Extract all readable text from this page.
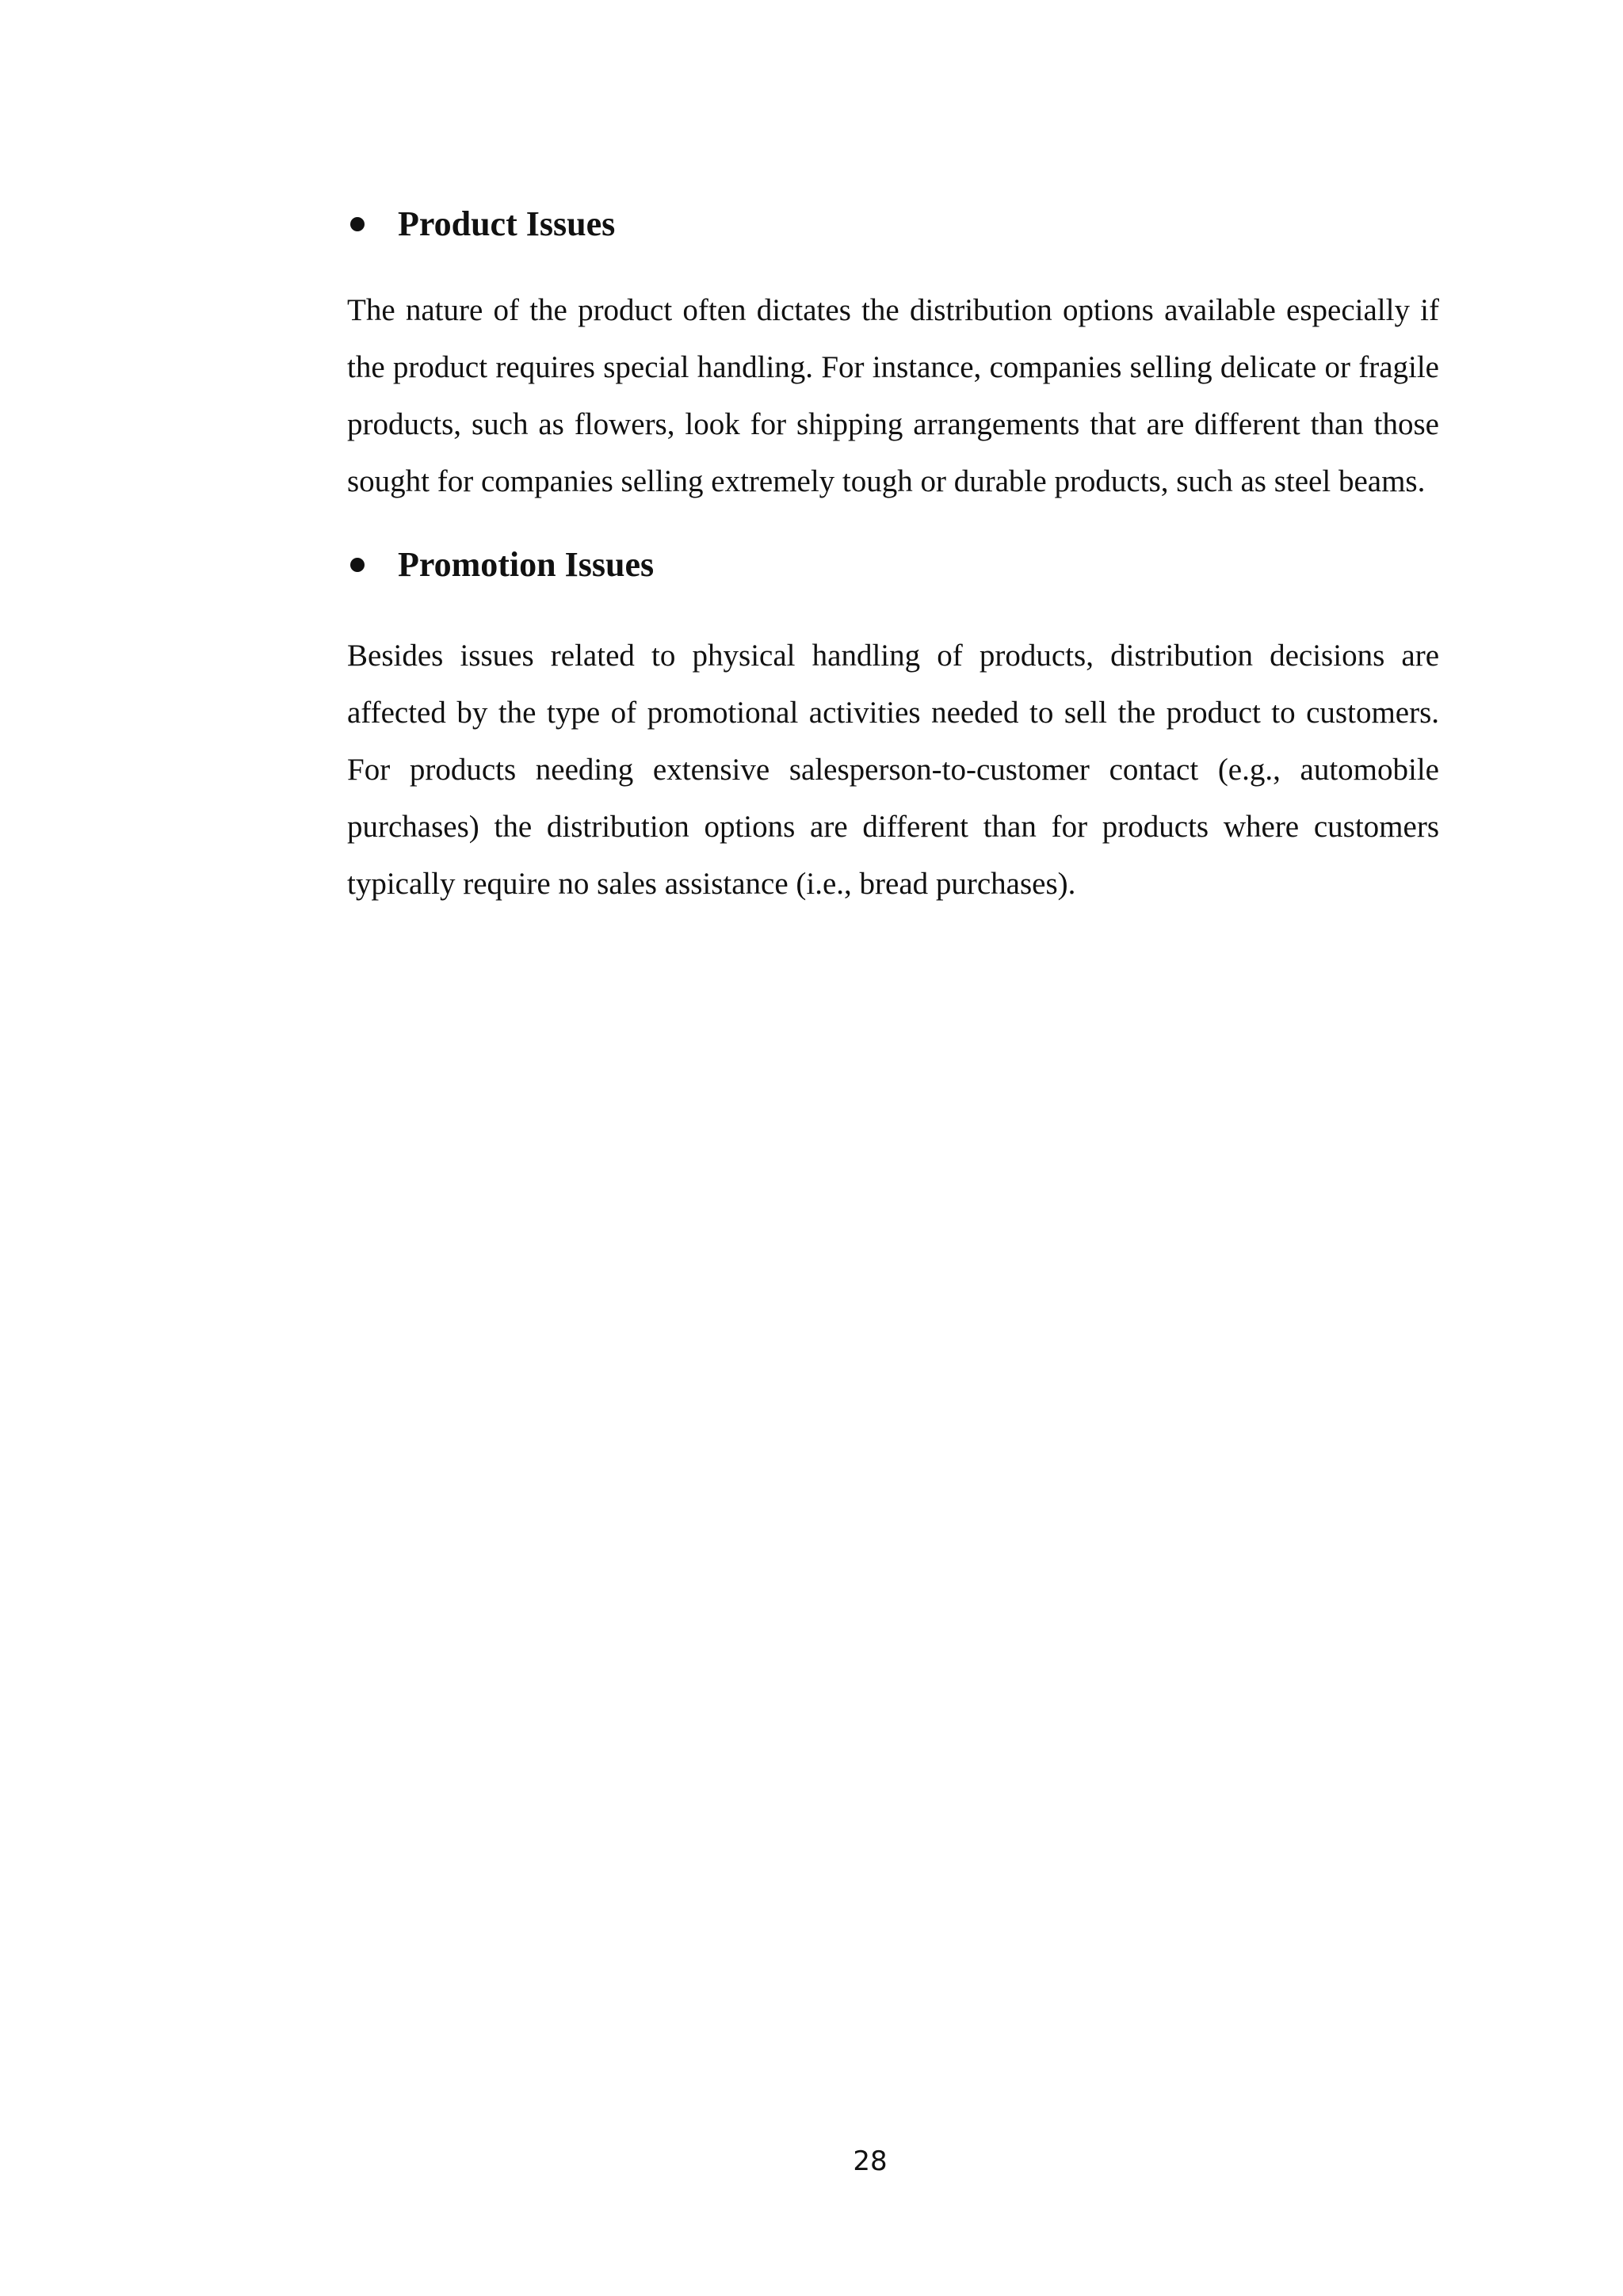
Product Issues

The nature of the product often dictates the distribution options available especially if the product requires special handling. For instance, companies selling delicate or fragile products, such as flowers, look for shipping arrangements that are different than those sought for companies selling extremely tough or durable products, such as steel beams.

Promotion Issues

Besides issues related to physical handling of products, distribution decisions are affected by the type of promotional activities needed to sell the product to customers. For products needing extensive salesperson-to-customer contact (e.g., automobile purchases) the distribution options are different than for products where customers typically require no sales assistance (i.e., bread purchases).

28
